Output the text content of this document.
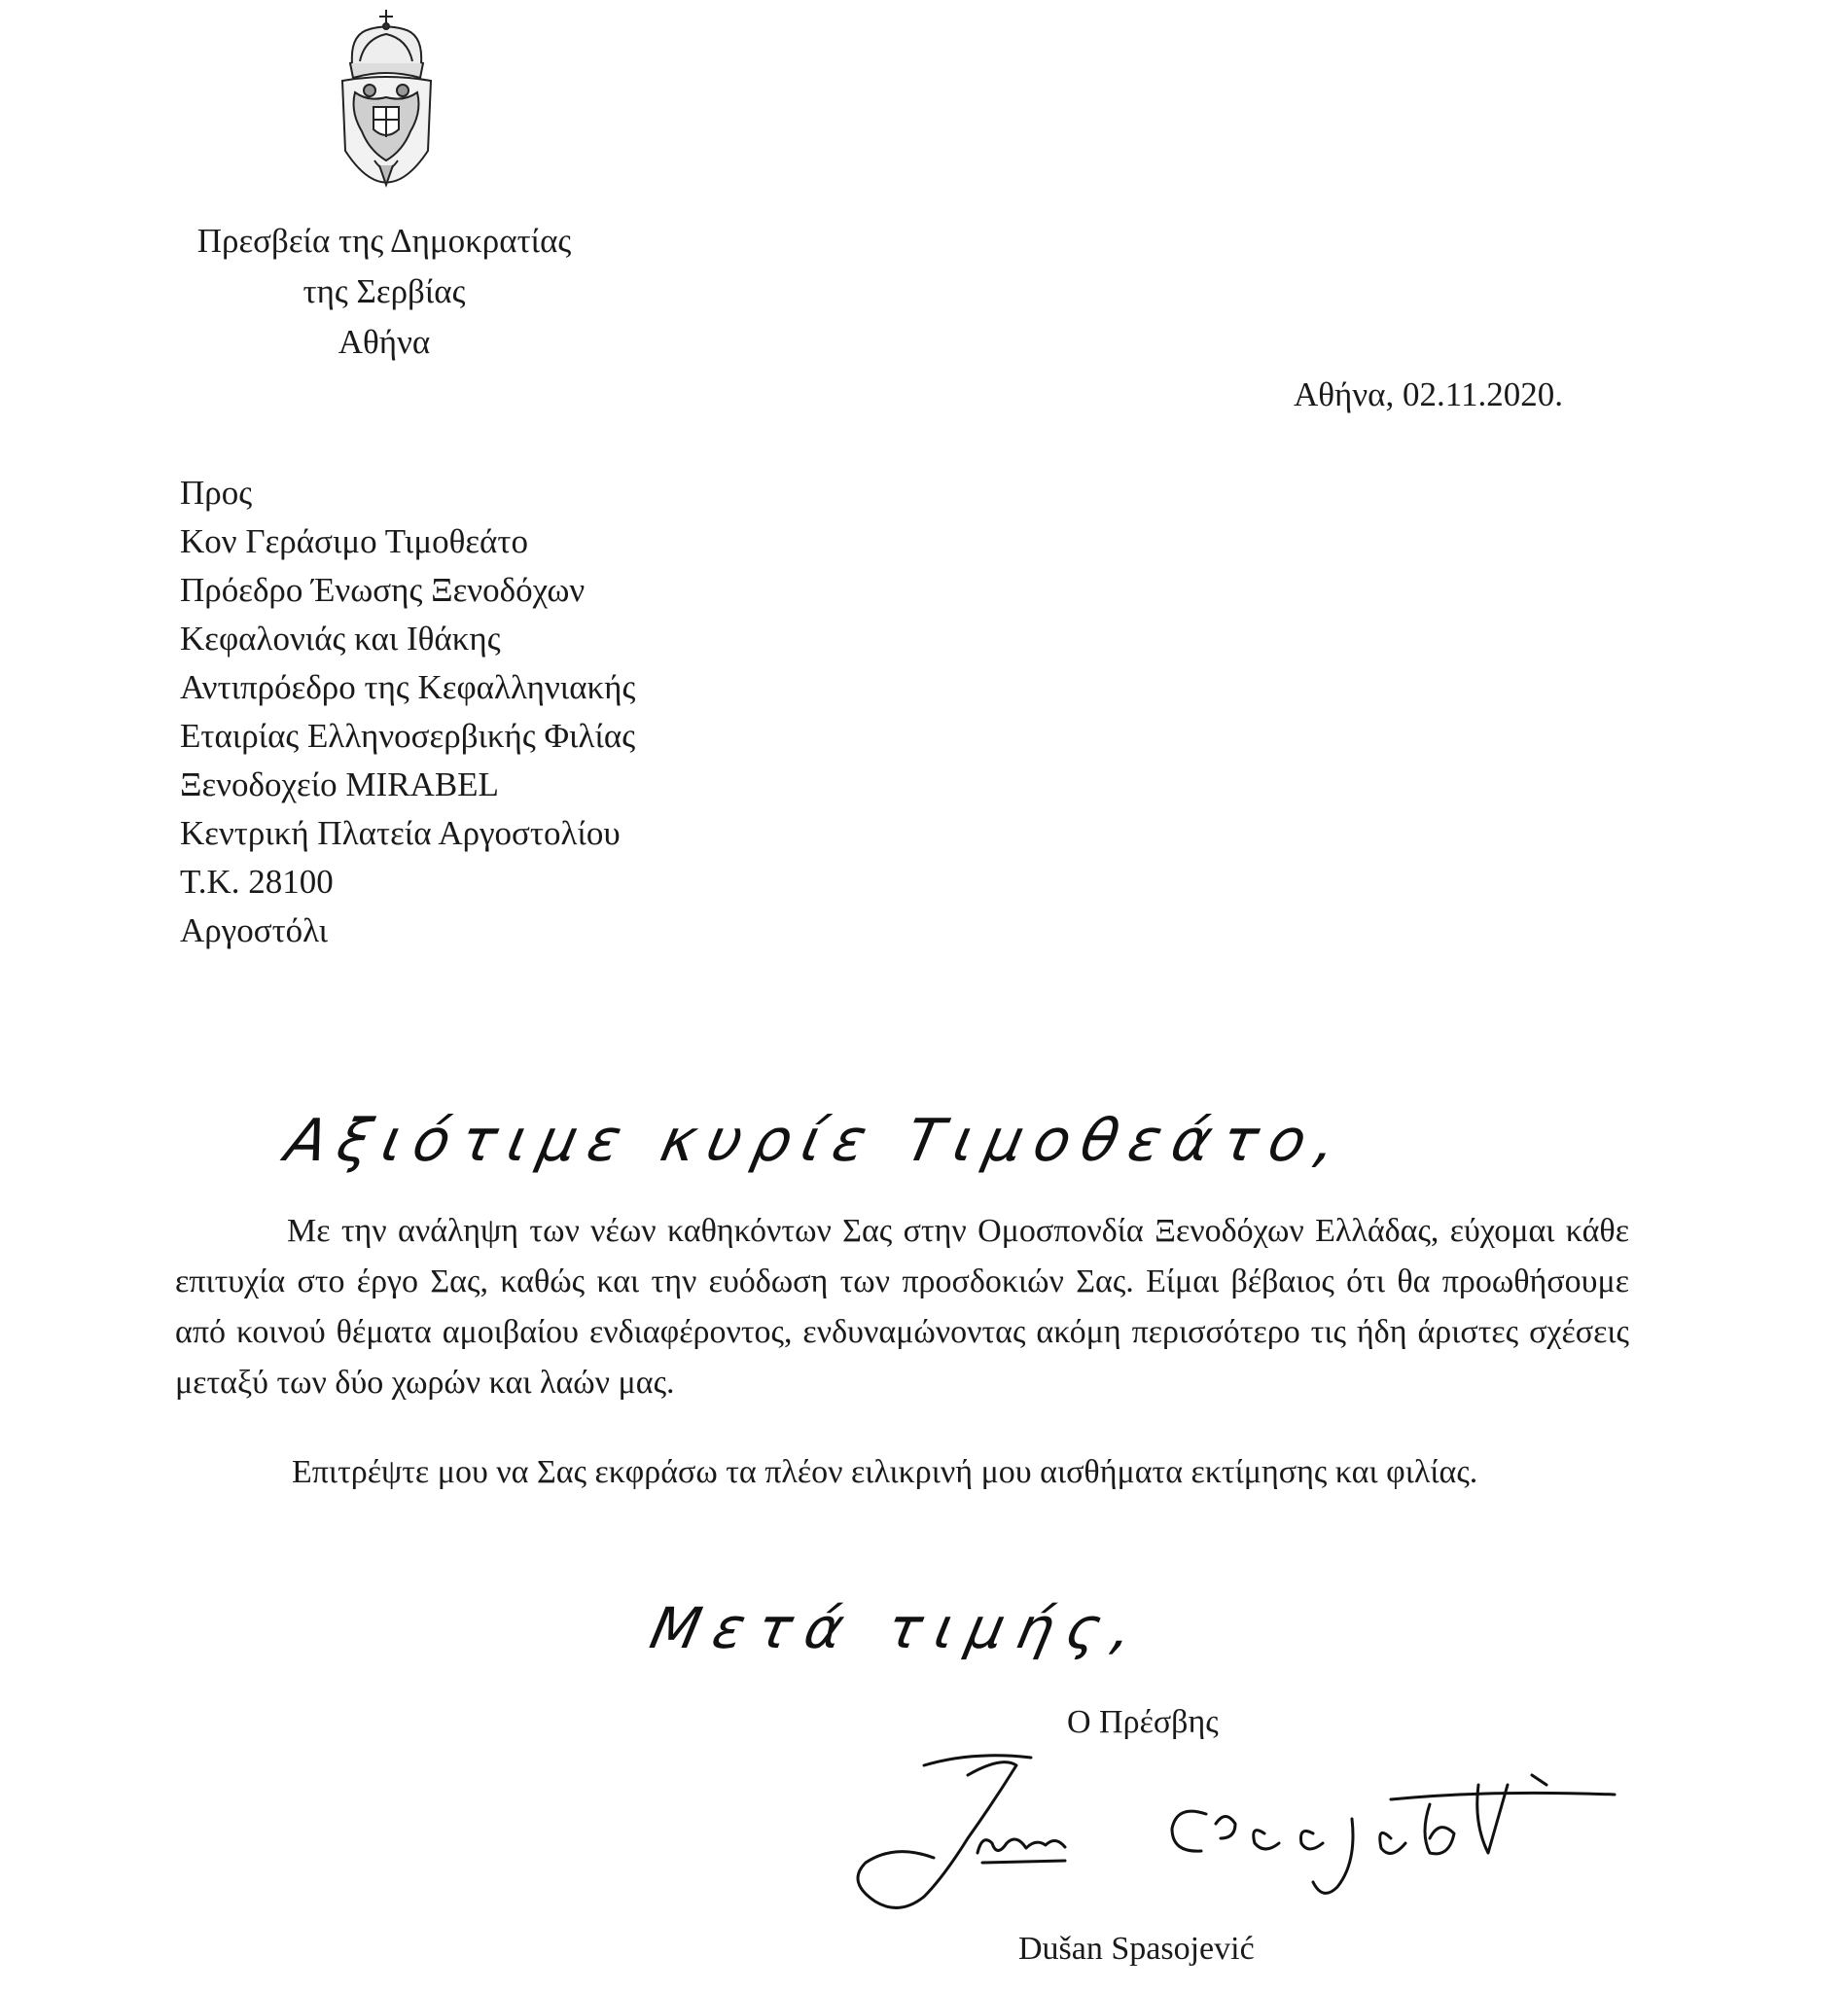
Πρεσβεία της Δημοκρατίας
της Σερβίας
Αθήνα
Αθήνα, 02.11.2020.
Προς
Κον Γεράσιμο Τιμοθεάτο
Πρόεδρο Ένωσης Ξενοδόχων
Κεφαλονιάς και Ιθάκης
Αντιπρόεδρο της Κεφαλληνιακής
Εταιρίας Ελληνοσερβικής Φιλίας
Ξενοδοχείο MIRABEL
Κεντρική Πλατεία Αργοστολίου
Τ.Κ. 28100
Αργοστόλι
Αξιότιμε κυρίε Τιμοθεάτο,
Με την ανάληψη των νέων καθηκόντων Σας στην Ομοσπονδία Ξενοδόχων Ελλάδας, εύχομαι κάθε επιτυχία στο έργο Σας, καθώς και την ευόδωση των προσδοκιών Σας. Είμαι βέβαιος ότι θα προωθήσουμε από κοινού θέματα αμοιβαίου ενδιαφέροντος, ενδυναμώνοντας ακόμη περισσότερο τις ήδη άριστες σχέσεις μεταξύ των δύο χωρών και λαών μας.
Επιτρέψτε μου να Σας εκφράσω τα πλέον ειλικρινή μου αισθήματα εκτίμησης και φιλίας.
Μετά τιμής,
Ο Πρέσβης
Dušan Spasojević
